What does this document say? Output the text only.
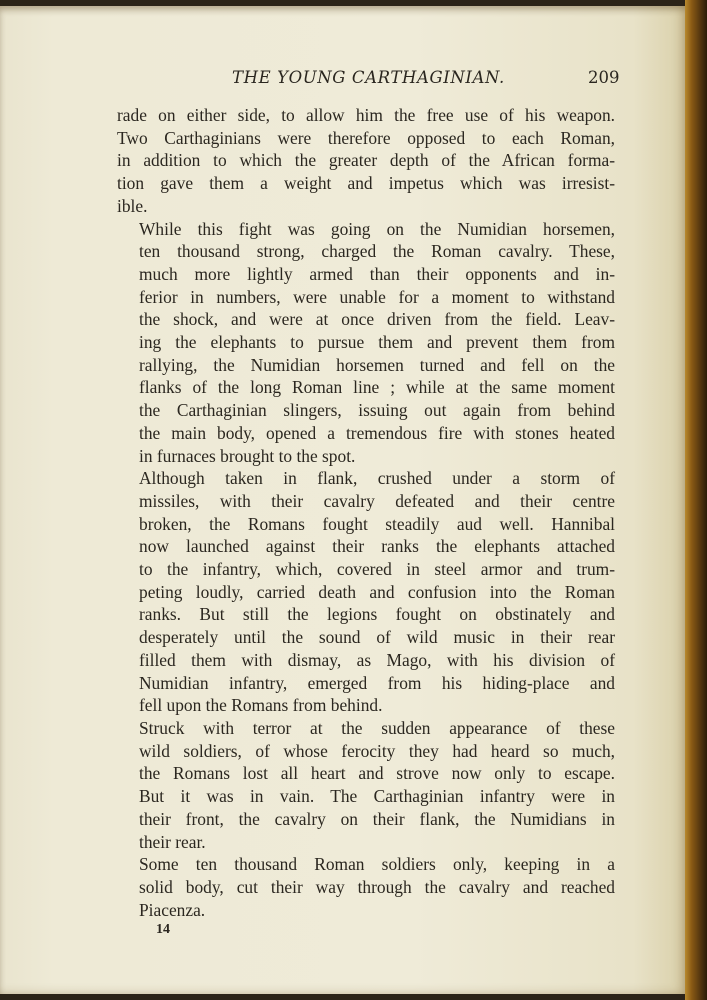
THE YOUNG CARTHAGINIAN.	209
rade on either side, to allow him the free use of his weapon.
Two Carthaginians were therefore opposed to each Roman,
in addition to which the greater depth of the African forma-
tion gave them a weight and impetus which was irresist-
ible.
While this fight was going on the Numidian horsemen,
ten thousand strong, charged the Roman cavalry. These,
much more lightly armed than their opponents and in-
ferior in numbers, were unable for a moment to withstand
the shock, and were at once driven from the field. Leav-
ing the elephants to pursue them and prevent them from
rallying, the Numidian horsemen turned and fell on the
flanks of the long Roman line ; while at the same moment
the Carthaginian slingers, issuing out again from behind
the main body, opened a tremendous fire with stones heated
in furnaces brought to the spot.
Although taken in flank, crushed under a storm of
missiles, with their cavalry defeated and their centre
broken, the Romans fought steadily aud well. Hannibal
now launched against their ranks the elephants attached
to the infantry, which, covered in steel armor and trum-
peting loudly, carried death and confusion into the Roman
ranks. But still the legions fought on obstinately and
desperately until the sound of wild music in their rear
filled them with dismay, as Mago, with his division of
Numidian infantry, emerged from his hiding-place and
fell upon the Romans from behind.
Struck with terror at the sudden appearance of these
wild soldiers, of whose ferocity they had heard so much,
the Romans lost all heart and strove now only to escape.
But it was in vain. The Carthaginian infantry were in
their front, the cavalry on their flank, the Numidians in
their rear.
Some ten thousand Roman soldiers only, keeping in a
solid body, cut their way through the cavalry and reached
Piacenza.
14
